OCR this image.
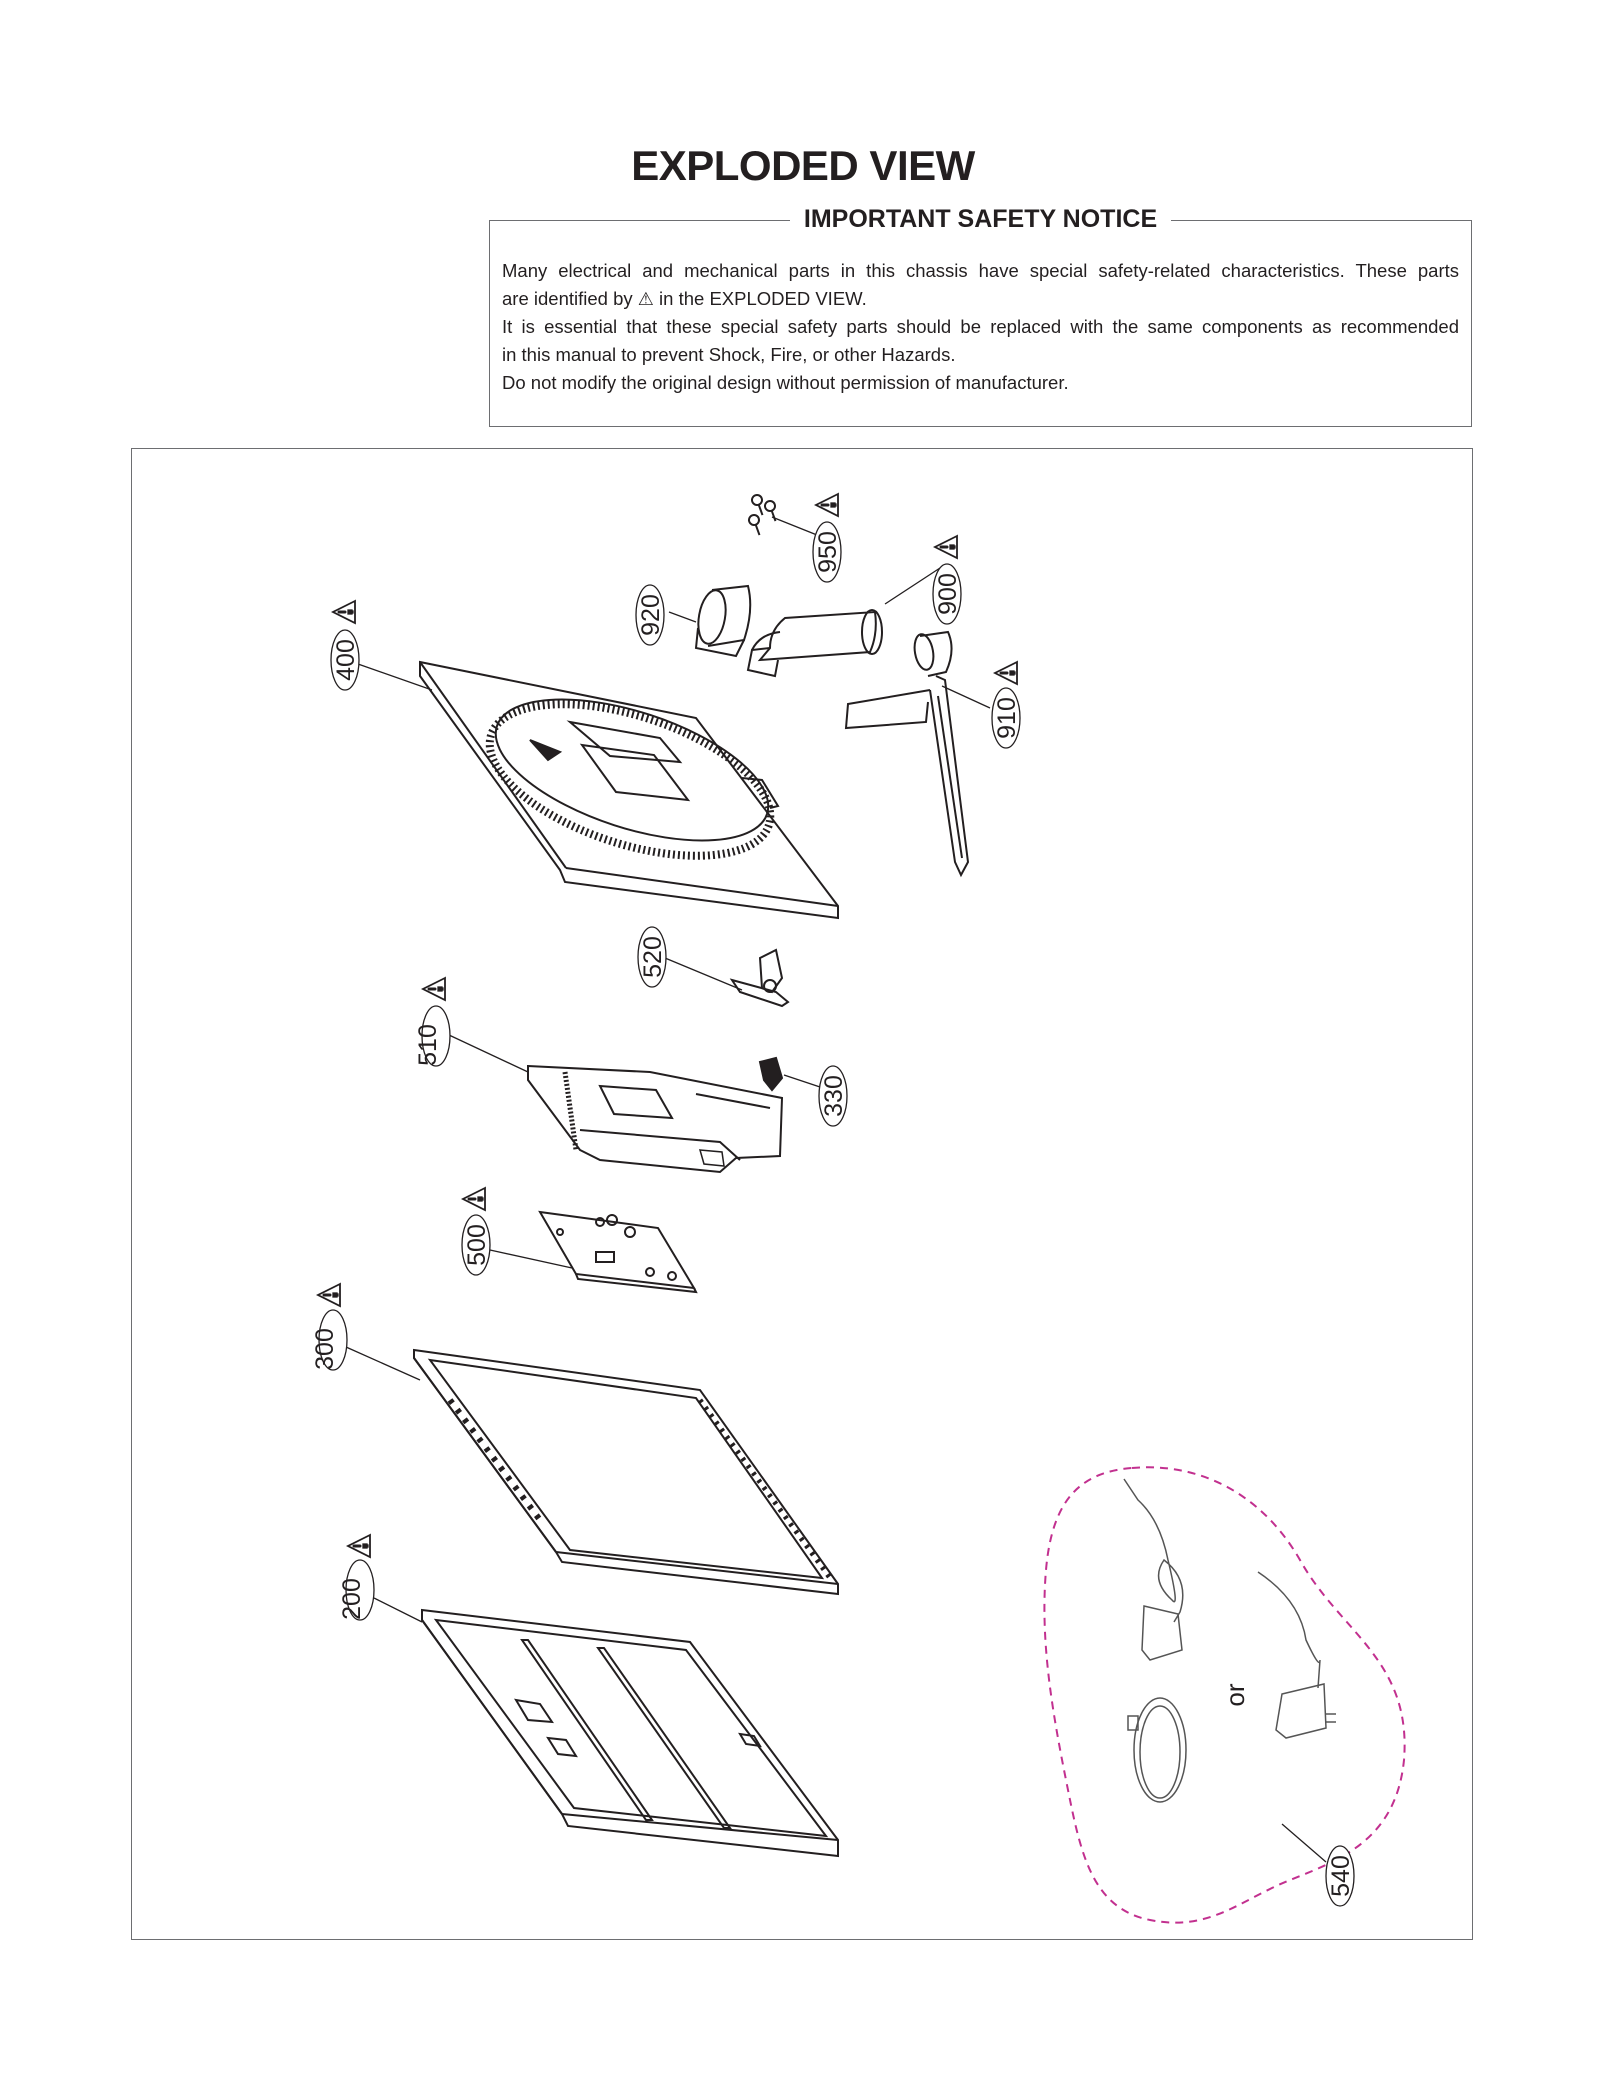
EXPLODED VIEW
IMPORTANT SAFETY NOTICE

Many electrical and mechanical parts in this chassis have special safety-related characteristics. These parts

are identified by ⚠ in the EXPLODED VIEW.

It is essential that these special safety parts should be replaced with the same components as recommended

in this manual to prevent Shock, Fire, or other Hazards.

Do not modify the original design without permission of manufacturer.

or
950
920
900
910
400
520
510
330
500
300
200
540
